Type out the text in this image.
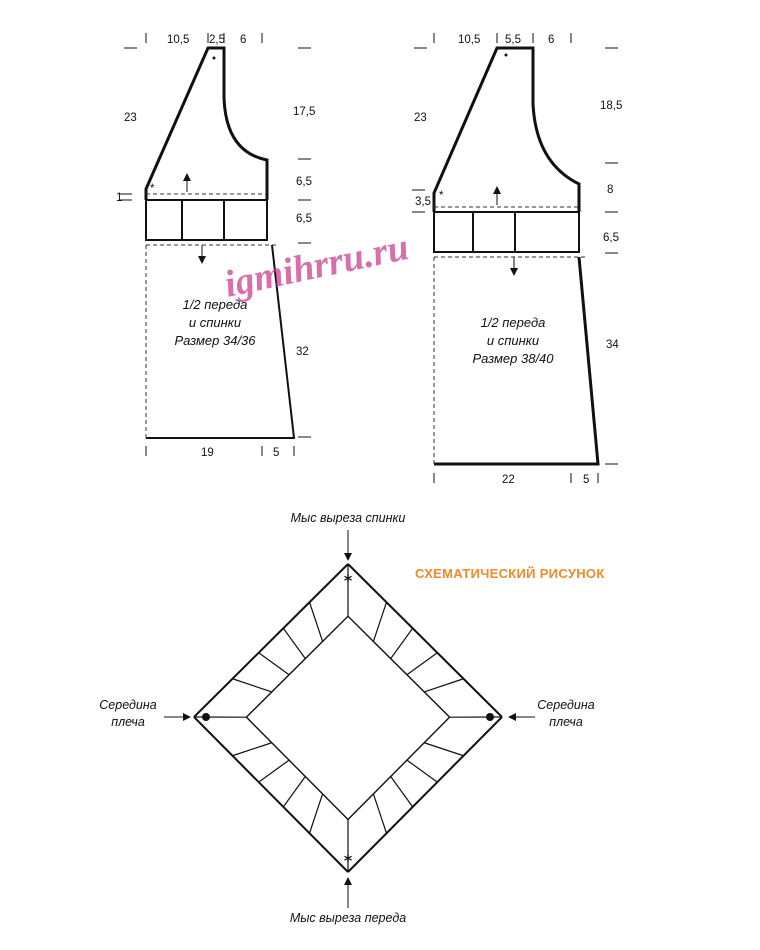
*
10,5 2,5 6
23	17,5
1
6,5
6,5
32
19	5
1/2 переда
и спинки
Размер 34/36
*
10,5 5,5 6
23
18,5
3,5
8
6,5
34
22	5
1/2 переда
и спинки
Размер 38/40
igmihrru.ru
СХЕМАТИЧЕСКИЙ РИСУНОК
Мыс выреза спинки
Мыс выреза переда
Середина
плеча
Середина
плеча
*
*
